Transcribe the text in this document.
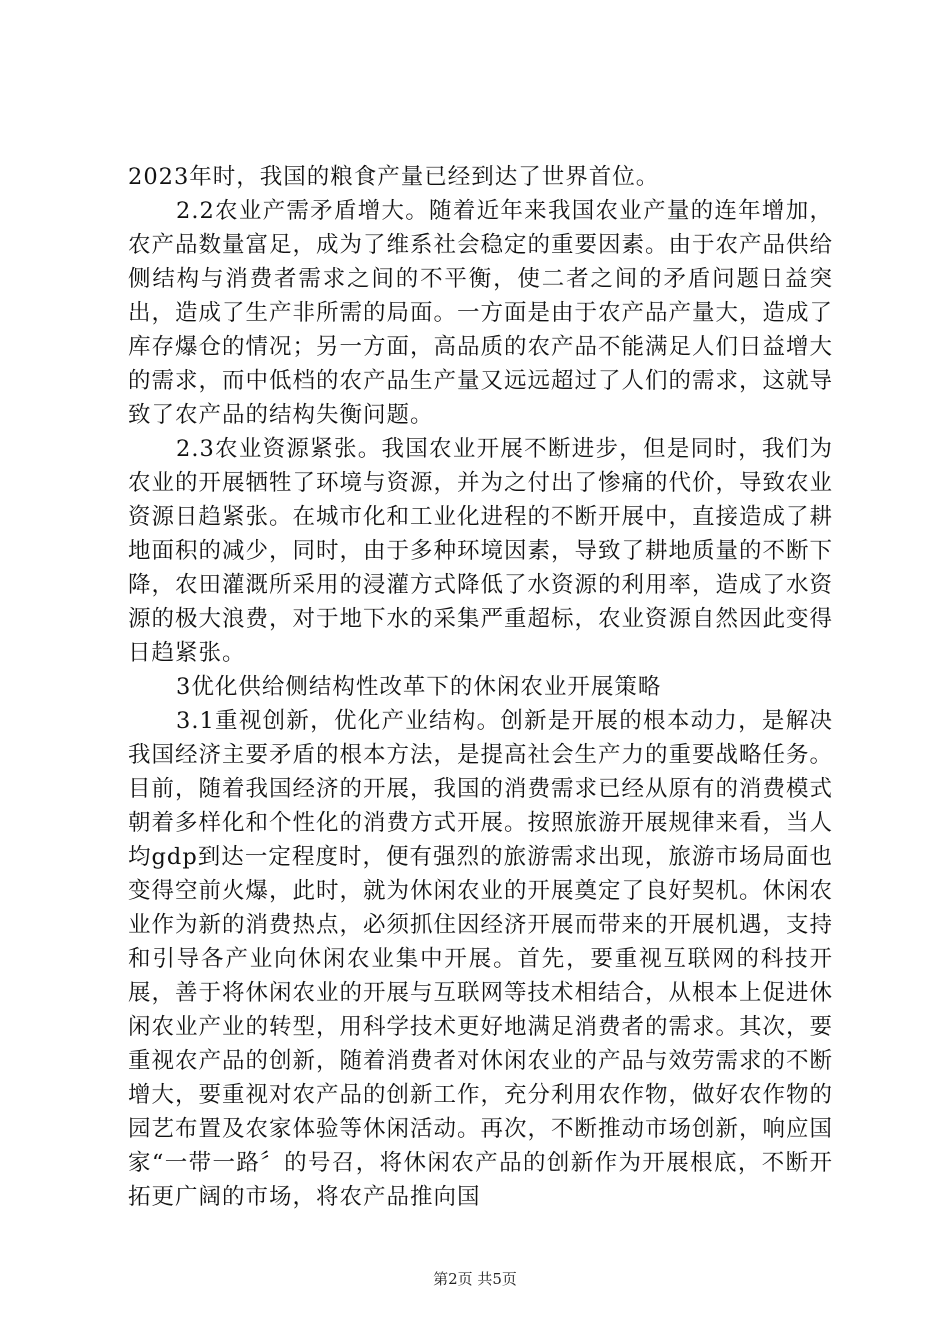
2023年时，我国的粮食产量已经到达了世界首位。

2.2农业产需矛盾增大。随着近年来我国农业产量的连年增加，农产品数量富足，成为了维系社会稳定的重要因素。由于农产品供给侧结构与消费者需求之间的不平衡，使二者之间的矛盾问题日益突出，造成了生产非所需的局面。一方面是由于农产品产量大，造成了库存爆仓的情况；另一方面，高品质的农产品不能满足人们日益增大的需求，而中低档的农产品生产量又远远超过了人们的需求，这就导致了农产品的结构失衡问题。

2.3农业资源紧张。我国农业开展不断进步，但是同时，我们为农业的开展牺牲了环境与资源，并为之付出了惨痛的代价，导致农业资源日趋紧张。在城市化和工业化进程的不断开展中，直接造成了耕地面积的减少，同时，由于多种环境因素，导致了耕地质量的不断下降，农田灌溉所采用的浸灌方式降低了水资源的利用率，造成了水资源的极大浪费，对于地下水的采集严重超标，农业资源自然因此变得日趋紧张。

3优化供给侧结构性改革下的休闲农业开展策略

3.1重视创新，优化产业结构。创新是开展的根本动力，是解决我国经济主要矛盾的根本方法，是提高社会生产力的重要战略任务。目前，随着我国经济的开展，我国的消费需求已经从原有的消费模式朝着多样化和个性化的消费方式开展。按照旅游开展规律来看，当人均gdp到达一定程度时，便有强烈的旅游需求出现，旅游市场局面也变得空前火爆，此时，就为休闲农业的开展奠定了良好契机。休闲农业作为新的消费热点，必须抓住因经济开展而带来的开展机遇，支持和引导各产业向休闲农业集中开展。首先，要重视互联网的科技开展，善于将休闲农业的开展与互联网等技术相结合，从根本上促进休闲农业产业的转型，用科学技术更好地满足消费者的需求。其次，要重视农产品的创新，随着消费者对休闲农业的产品与效劳需求的不断增大，要重视对农产品的创新工作，充分利用农作物，做好农作物的园艺布置及农家体验等休闲活动。再次，不断推动市场创新，响应国家“一带一路〞的号召，将休闲农产品的创新作为开展根底，不断开拓更广阔的市场，将农产品推向国

第2页 共5页
